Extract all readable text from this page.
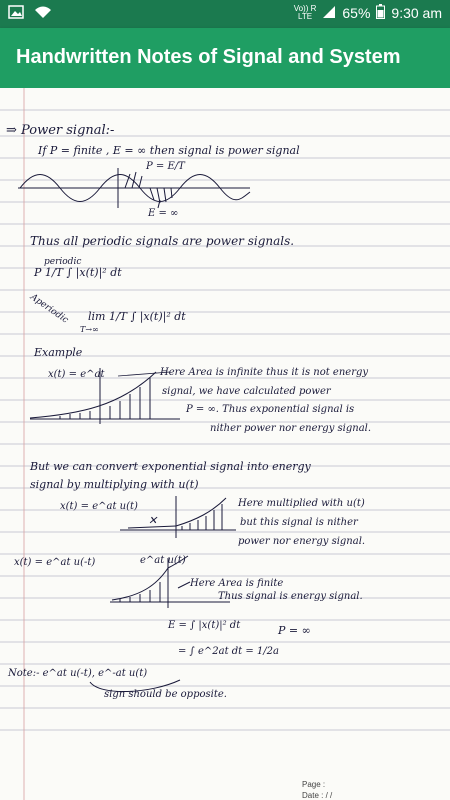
Vo)) R
LTE	65% 9:30 am
Handwritten Notes of Signal and System
⇒ Power signal:-
If P = finite , E = ∞ then signal is power signal
P = E/T
E = ∞
Thus all periodic signals are power signals.
periodic
P 1/T ∫ |x(t)|² dt
Aperiodic lim 1/T ∫ |x(t)|² dt
T→∞
Example
x(t) = e^at	Here Area is infinite thus it is not energy
signal, we have calculated power
P = ∞. Thus exponential signal is
nither power nor energy signal.
But we can convert exponential signal into energy
signal by multiplying with u(t)
x(t) = e^at u(t)	Here multiplied with u(t)
but this signal is nither
power nor energy signal.
x(t) = e^at u(-t)	e^at u(t)
Here Area is finite
Thus signal is energy signal.
E = ∫ |x(t)|² dt	P = ∞
= ∫ e^2at dt = 1/2a
Note:- e^at u(-t), e^-at u(t)
sign should be opposite.
✕
Page :
Date : / /
